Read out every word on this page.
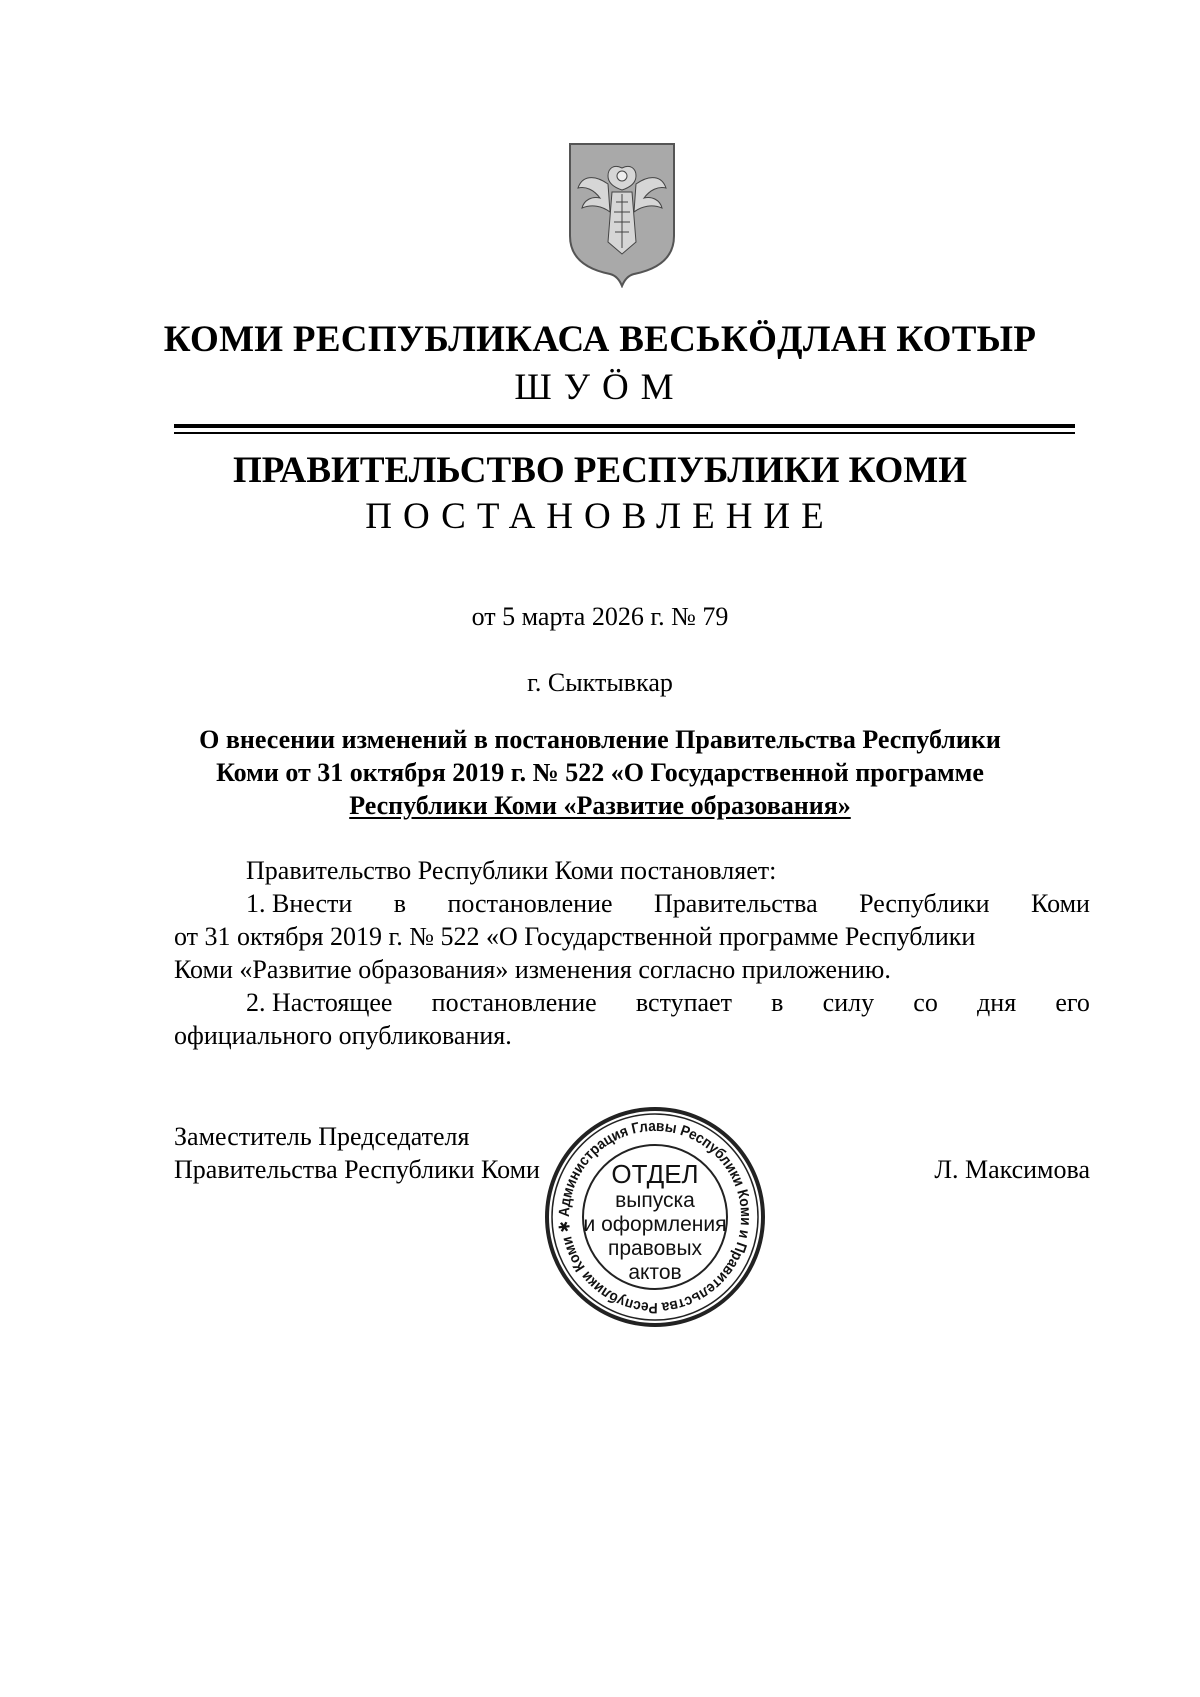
КОМИ РЕСПУБЛИКАСА ВЕСЬКÖДЛАН КОТЫР
ШУÖМ
ПРАВИТЕЛЬСТВО РЕСПУБЛИКИ КОМИ
ПОСТАНОВЛЕНИЕ
от 5 марта 2026 г. № 79
г. Сыктывкар
О внесении изменений в постановление Правительства Республики
Коми от 31 октября 2019 г. № 522 «О Государственной программе
Республики Коми «Развитие образования»
Правительство Республики Коми постановляет:
1. Внести в постановление Правительства Республики Коми
от 31 октября 2019 г. № 522 «О Государственной программе Республики
Коми «Развитие образования» изменения согласно приложению.
2. Настоящее постановление вступает в силу со дня его
официального опубликования.
Заместитель Председателя
Правительства Республики Коми	Л. Максимова
Администрация Главы Республики Коми и Правительства Республики Коми ✱
ОТДЕЛ
выпуска
и оформления
правовых
актов
